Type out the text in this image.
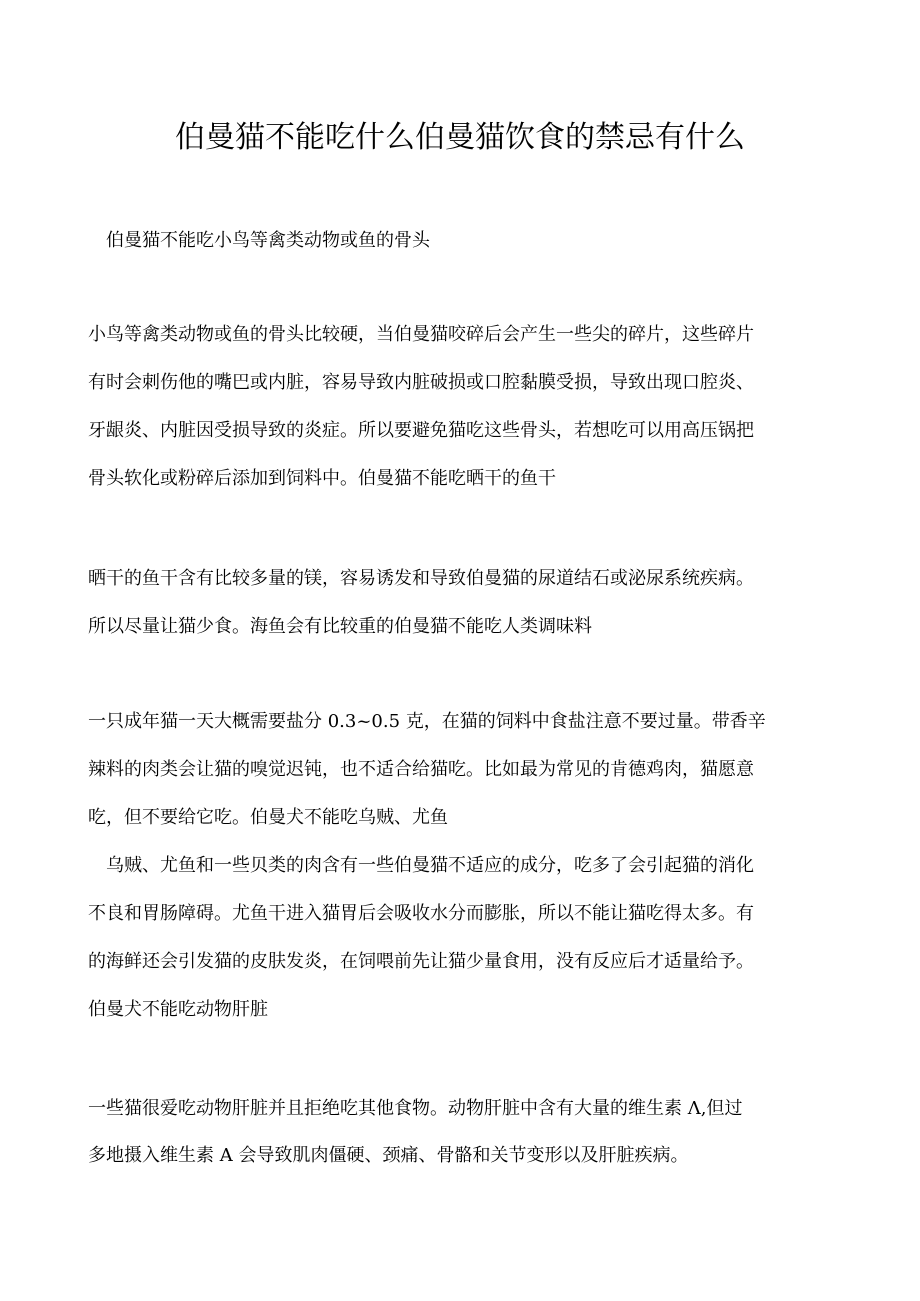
伯曼猫不能吃什么伯曼猫饮食的禁忌有什么

伯曼猫不能吃小鸟等禽类动物或鱼的骨头

小鸟等禽类动物或鱼的骨头比较硬，当伯曼猫咬碎后会产生一些尖的碎片，这些碎片

有时会刺伤他的嘴巴或内脏，容易导致内脏破损或口腔黏膜受损，导致出现口腔炎、

牙龈炎、内脏因受损导致的炎症。所以要避免猫吃这些骨头，若想吃可以用高压锅把

骨头软化或粉碎后添加到饲料中。伯曼猫不能吃晒干的鱼干

晒干的鱼干含有比较多量的镁，容易诱发和导致伯曼猫的尿道结石或泌尿系统疾病。

所以尽量让猫少食。海鱼会有比较重的伯曼猫不能吃人类调味料

一只成年猫一天大概需要盐分 0.3~0.5 克，在猫的饲料中食盐注意不要过量。带香辛

辣料的肉类会让猫的嗅觉迟钝，也不适合给猫吃。比如最为常见的肯德鸡肉，猫愿意

吃，但不要给它吃。伯曼犬不能吃乌贼、尤鱼

乌贼、尤鱼和一些贝类的肉含有一些伯曼猫不适应的成分，吃多了会引起猫的消化

不良和胃肠障碍。尤鱼干进入猫胃后会吸收水分而膨胀，所以不能让猫吃得太多。有

的海鲜还会引发猫的皮肤发炎，在饲喂前先让猫少量食用，没有反应后才适量给予。

伯曼犬不能吃动物肝脏

一些猫很爱吃动物肝脏并且拒绝吃其他食物。动物肝脏中含有大量的维生素 Λ,但过

多地摄入维生素 A 会导致肌肉僵硬、颈痛、骨骼和关节变形以及肝脏疾病。
